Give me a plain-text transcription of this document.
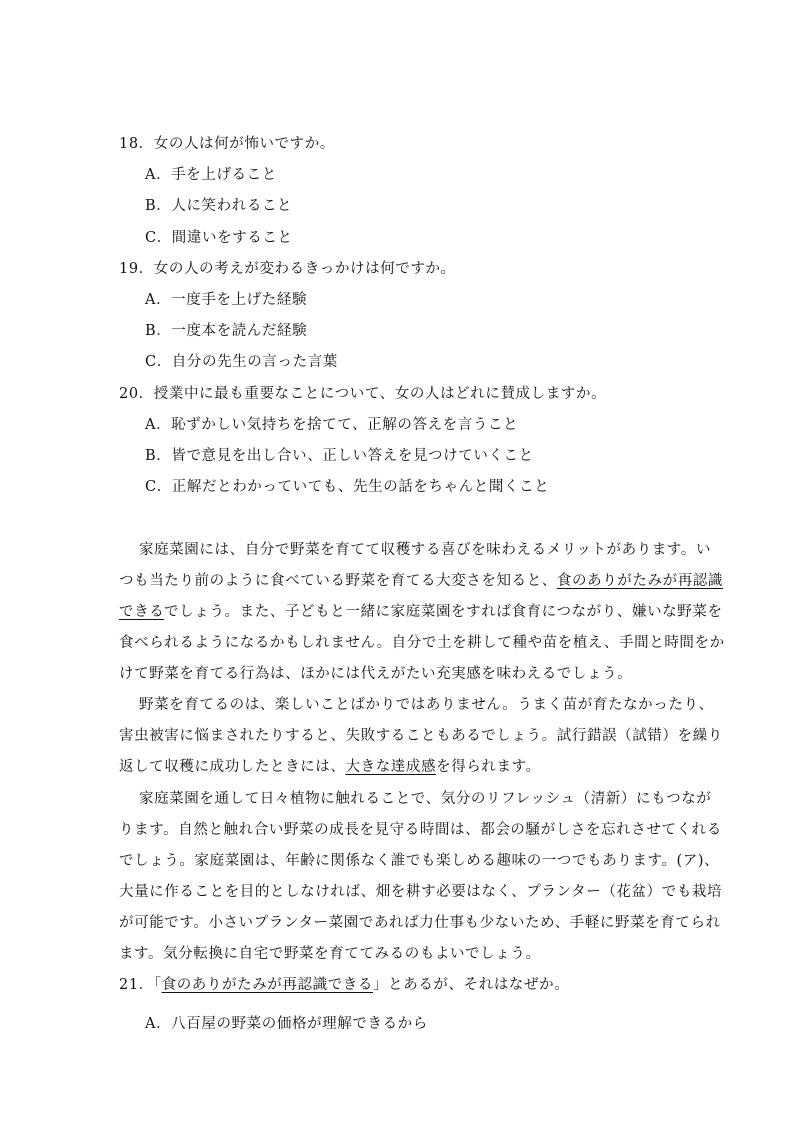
18．女の人は何が怖いですか。
A．手を上げること
B．人に笑われること
C．間違いをすること
19．女の人の考えが変わるきっかけは何ですか。
A．一度手を上げた経験
B．一度本を読んだ経験
C．自分の先生の言った言葉
20．授業中に最も重要なことについて、女の人はどれに賛成しますか。
A．恥ずかしい気持ちを捨てて、正解の答えを言うこと
B．皆で意見を出し合い、正しい答えを見つけていくこと
C．正解だとわかっていても、先生の話をちゃんと聞くこと
家庭菜園には、自分で野菜を育てて収穫する喜びを味わえるメリットがあります。い
つも当たり前のように食べている野菜を育てる大変さを知ると、食のありがたみが再認識
できるでしょう。また、子どもと一緒に家庭菜園をすれば食育につながり、嫌いな野菜を
食べられるようになるかもしれません。自分で土を耕して種や苗を植え、手間と時間をか
けて野菜を育てる行為は、ほかには代えがたい充実感を味わえるでしょう。
野菜を育てるのは、楽しいことばかりではありません。うまく苗が育たなかったり、
害虫被害に悩まされたりすると、失敗することもあるでしょう。試行錯誤（試错）を繰り
返して収穫に成功したときには、大きな達成感を得られます。
家庭菜園を通して日々植物に触れることで、気分のリフレッシュ（清新）にもつなが
ります。自然と触れ合い野菜の成長を見守る時間は、都会の騒がしさを忘れさせてくれる
でしょう。家庭菜園は、年齢に関係なく誰でも楽しめる趣味の一つでもあります。(ア)、
大量に作ることを目的としなければ、畑を耕す必要はなく、プランター（花盆）でも栽培
が可能です。小さいプランター菜園であれば力仕事も少ないため、手軽に野菜を育てられ
ます。気分転換に自宅で野菜を育ててみるのもよいでしょう。
21．「食のありがたみが再認識できる」とあるが、それはなぜか。
A．八百屋の野菜の価格が理解できるから
